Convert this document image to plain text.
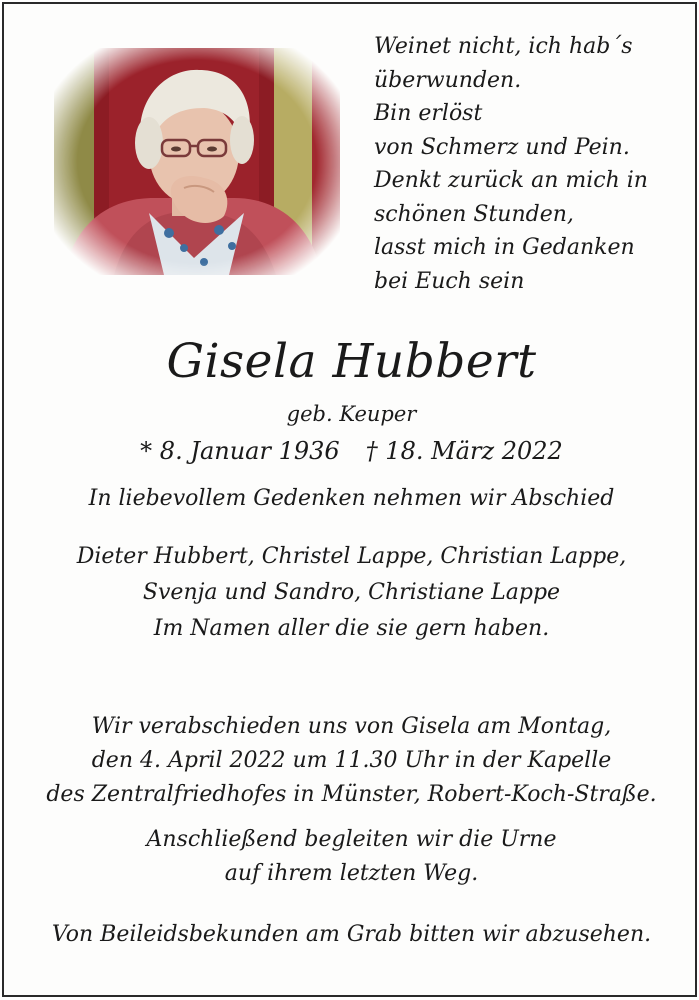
Weinet nicht, ich hab´s
überwunden.
Bin erlöst
von Schmerz und Pein.
Denkt zurück an mich in
schönen Stunden,
lasst mich in Gedanken
bei Euch sein
Gisela Hubbert
geb. Keuper
* 8. Januar 1936 † 18. März 2022
In liebevollem Gedenken nehmen wir Abschied
Dieter Hubbert, Christel Lappe, Christian Lappe,
Svenja und Sandro, Christiane Lappe
Im Namen aller die sie gern haben.
Wir verabschieden uns von Gisela am Montag,
den 4. April 2022 um 11.30 Uhr in der Kapelle
des Zentralfriedhofes in Münster, Robert-Koch-Straße.
Anschließend begleiten wir die Urne
auf ihrem letzten Weg.
Von Beileidsbekunden am Grab bitten wir abzusehen.
